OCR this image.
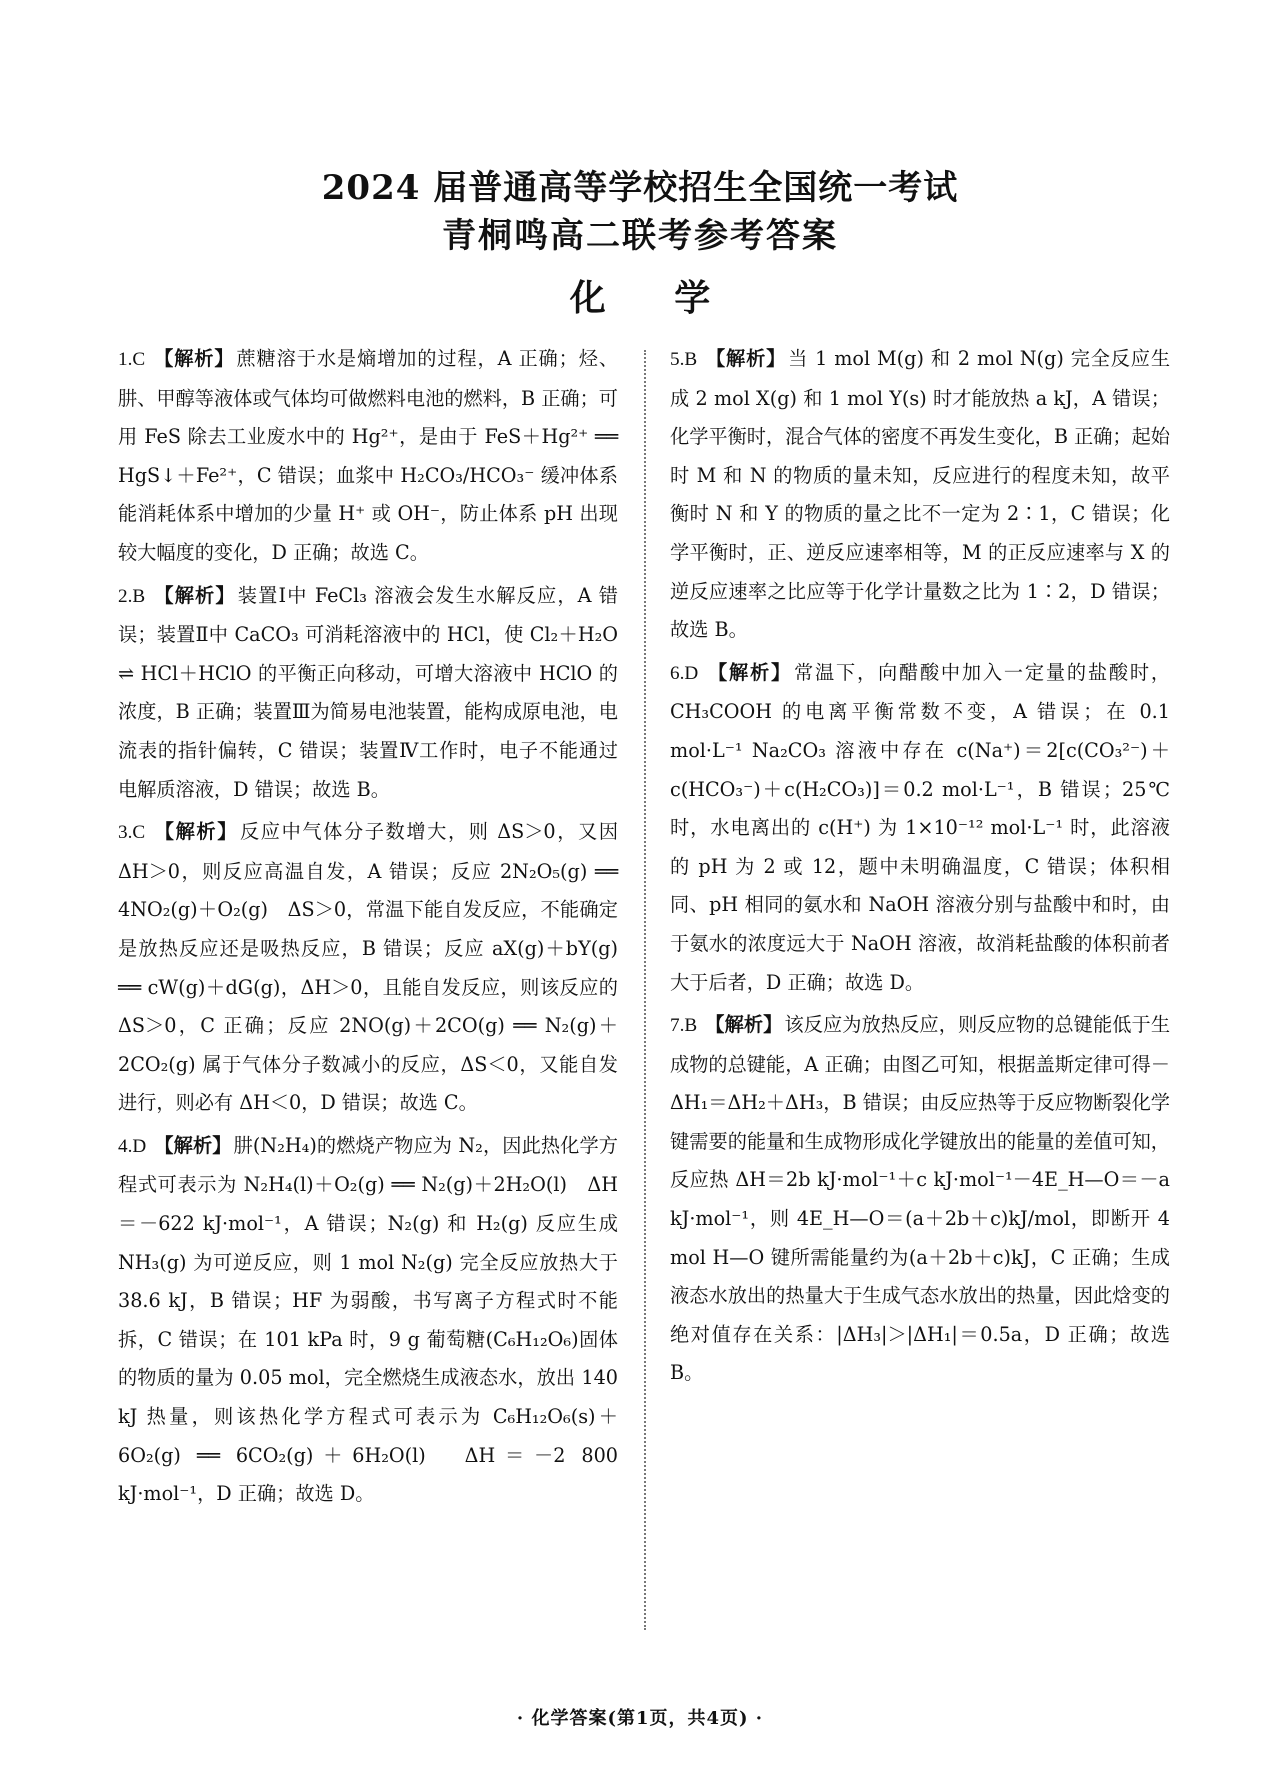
2024 届普通高等学校招生全国统一考试
青桐鸣高二联考参考答案
化 学

1.C 【解析】 蔗糖溶于水是熵增加的过程，A 正确；烃、肼、甲醇等液体或气体均可做燃料电池的燃料，B 正确；可用 FeS 除去工业废水中的 Hg²⁺，是由于 FeS＋Hg²⁺ ══ HgS↓＋Fe²⁺，C 错误；血浆中 H₂CO₃/HCO₃⁻ 缓冲体系能消耗体系中增加的少量 H⁺ 或 OH⁻，防止体系 pH 出现较大幅度的变化，D 正确；故选 C。

2.B 【解析】 装置Ⅰ中 FeCl₃ 溶液会发生水解反应，A 错误；装置Ⅱ中 CaCO₃ 可消耗溶液中的 HCl，使 Cl₂＋H₂O ⇌ HCl＋HClO 的平衡正向移动，可增大溶液中 HClO 的浓度，B 正确；装置Ⅲ为简易电池装置，能构成原电池，电流表的指针偏转，C 错误；装置Ⅳ工作时，电子不能通过电解质溶液，D 错误；故选 B。

3.C 【解析】 反应中气体分子数增大，则 ΔS＞0，又因 ΔH＞0，则反应高温自发，A 错误；反应 2N₂O₅(g) ══ 4NO₂(g)＋O₂(g)　ΔS＞0，常温下能自发反应，不能确定是放热反应还是吸热反应，B 错误；反应 aX(g)＋bY(g) ══ cW(g)＋dG(g)，ΔH＞0，且能自发反应，则该反应的 ΔS＞0，C 正确；反应 2NO(g)＋2CO(g) ══ N₂(g)＋2CO₂(g) 属于气体分子数减小的反应，ΔS＜0，又能自发进行，则必有 ΔH＜0，D 错误；故选 C。

4.D 【解析】 肼(N₂H₄)的燃烧产物应为 N₂，因此热化学方程式可表示为 N₂H₄(l)＋O₂(g) ══ N₂(g)＋2H₂O(l)　ΔH＝－622 kJ·mol⁻¹，A 错误；N₂(g) 和 H₂(g) 反应生成 NH₃(g) 为可逆反应，则 1 mol N₂(g) 完全反应放热大于 38.6 kJ，B 错误；HF 为弱酸，书写离子方程式时不能拆，C 错误；在 101 kPa 时，9 g 葡萄糖(C₆H₁₂O₆)固体的物质的量为 0.05 mol，完全燃烧生成液态水，放出 140 kJ 热量，则该热化学方程式可表示为 C₆H₁₂O₆(s)＋6O₂(g) ══ 6CO₂(g)＋6H₂O(l)　ΔH＝－2 800 kJ·mol⁻¹，D 正确；故选 D。

5.B 【解析】 当 1 mol M(g) 和 2 mol N(g) 完全反应生成 2 mol X(g) 和 1 mol Y(s) 时才能放热 a kJ，A 错误；化学平衡时，混合气体的密度不再发生变化，B 正确；起始时 M 和 N 的物质的量未知，反应进行的程度未知，故平衡时 N 和 Y 的物质的量之比不一定为 2∶1，C 错误；化学平衡时，正、逆反应速率相等，M 的正反应速率与 X 的逆反应速率之比应等于化学计量数之比为 1∶2，D 错误；故选 B。

6.D 【解析】 常温下，向醋酸中加入一定量的盐酸时，CH₃COOH 的电离平衡常数不变，A 错误；在 0.1 mol·L⁻¹ Na₂CO₃ 溶液中存在 c(Na⁺)＝2[c(CO₃²⁻)＋c(HCO₃⁻)＋c(H₂CO₃)]＝0.2 mol·L⁻¹，B 错误；25℃ 时，水电离出的 c(H⁺) 为 1×10⁻¹² mol·L⁻¹ 时，此溶液的 pH 为 2 或 12，题中未明确温度，C 错误；体积相同、pH 相同的氨水和 NaOH 溶液分别与盐酸中和时，由于氨水的浓度远大于 NaOH 溶液，故消耗盐酸的体积前者大于后者，D 正确；故选 D。

7.B 【解析】 该反应为放热反应，则反应物的总键能低于生成物的总键能，A 正确；由图乙可知，根据盖斯定律可得－ΔH₁＝ΔH₂＋ΔH₃，B 错误；由反应热等于反应物断裂化学键需要的能量和生成物形成化学键放出的能量的差值可知，反应热 ΔH＝2b kJ·mol⁻¹＋c kJ·mol⁻¹－4E_H—O＝－a kJ·mol⁻¹，则 4E_H—O＝(a＋2b＋c)kJ/mol，即断开 4 mol H—O 键所需能量约为(a＋2b＋c)kJ，C 正确；生成液态水放出的热量大于生成气态水放出的热量，因此焓变的绝对值存在关系：|ΔH₃|＞|ΔH₁|＝0.5a，D 正确；故选 B。

· 化学答案(第1页，共4页) ·
